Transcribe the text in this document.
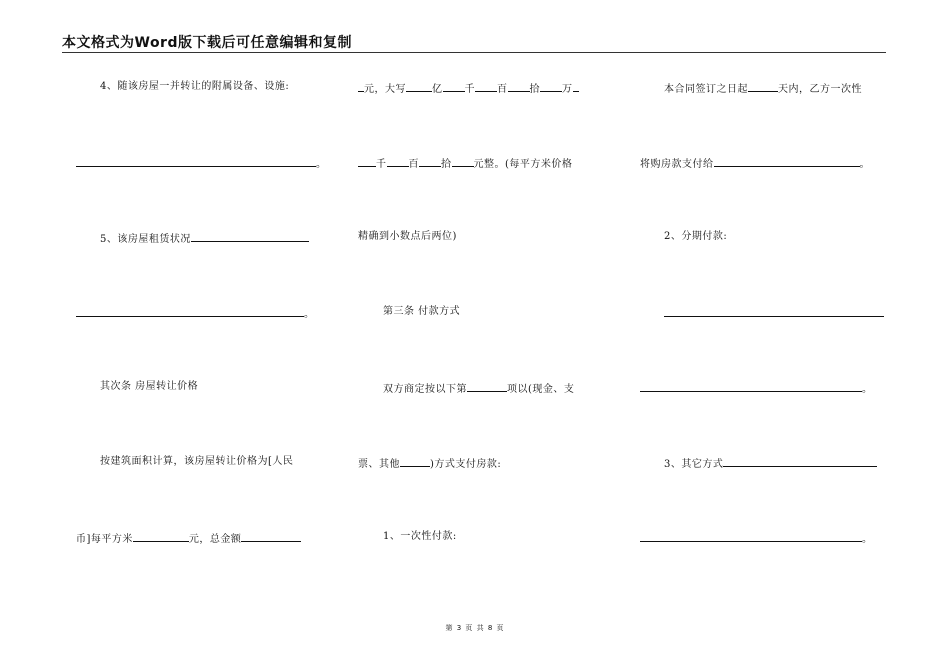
本文格式为Word版下载后可任意编辑和复制
4、随该房屋一并转让的附属设备、设施:
。
5、该房屋租赁状况
。
其次条 房屋转让价格
按建筑面积计算，该房屋转让价格为[人民
币]每平方米	元，总金额
元，大写	亿 千 百 拾 万
千 百 拾 元整。(每平方米价格
精确到小数点后两位)
第三条 付款方式
双方商定按以下第	项以(现金、支
票、其他	)方式支付房款:
1、一次性付款:
本合同签订之日起	天内，乙方一次性
将购房款支付给	。
2、分期付款:
。
3、其它方式
。
第 3 页 共 8 页
